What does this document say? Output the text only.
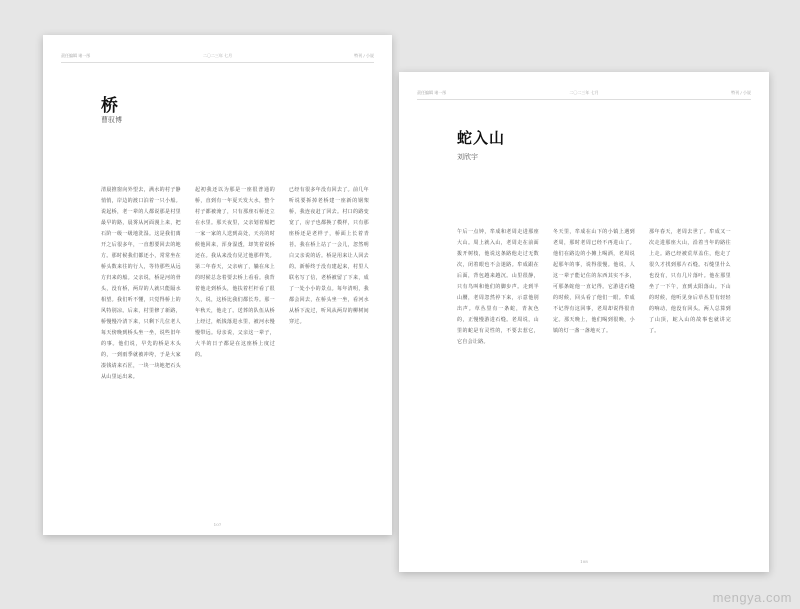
责任编辑 诸一彤	二〇二三年 七月	特刊 / 小说
桥
曹驭博
清晨推窗向外望去，满水的村子静悄悄，岸边的渡口泊着一只小船。说起桥，老一辈的人都说那是村里最早的路，晨雾从河面漫上来，把石阶一级一级地洗湿。这是我们离开之后很多年，一直想要回去的地方。那时候我们都还小，常常坐在桥头数来往的行人，等待那些从远方归来的船。父亲说，桥是河的骨头，没有桥，两岸的人就只能隔水相望。我们听不懂，只觉得桥上的风特别凉。后来，村里修了新路，桥慢慢冷清下来，只剩下几位老人每天傍晚到桥头坐一坐，说些旧年的事。他们说，早先的桥是木头的，一到雨季就被冲垮，于是大家凑钱请来石匠，一块一块地把石头从山里运出来。
起初我还以为那是一座很普通的桥，直到有一年夏天发大水，整个村子都被淹了，只有那座石桥还立在水里。那天夜里，父亲划着船把一家一家的人送到高处，天亮的时候他回来，浑身湿透，却笑着说桥还在。我从来没有见过他那样笑。第二年春天，父亲病了，躺在床上的时候总念着要去桥上看看。我背着他走到桥头，他扶着栏杆看了很久，说，这桥比我们都长寿。那一年秋天，他走了。送葬的队伍从桥上经过，纸钱落进水里，被河水慢慢带远。母亲说，父亲这一辈子，大半的日子都是在这座桥上度过的。
已经有很多年没有回去了。前几年听说要拆掉老桥建一座新的钢架桥，我连夜赶了回去。村口的路变宽了，房子也都换了模样，只有那座桥还是老样子，桥面上长着青苔。我在桥上站了一会儿，忽然明白父亲说的话。桥是用来让人回去的。新桥终于没有建起来，村里人联名写了信，老桥被留了下来，成了一处小小的景点。每年清明，我都会回去，在桥头坐一坐，看河水从桥下流过，听风从两岸的柳树间穿过。
107
责任编辑 诸一彤	二〇二三年 七月	特刊 / 小说
蛇入山
刘欣宇
午后一点钟，牟成和老周走进那座大山。周上就入山，老周走在前面拨开树枝，他说这条路他走过无数次，闭着眼也不会迷路。牟成跟在后面，背包越来越沉。山里很静，只有鸟叫和他们的脚步声。走到半山腰，老周忽然停下来，示意他别出声。草丛里有一条蛇，青灰色的，正慢慢游进石缝。老周说，山里的蛇是有灵性的，不要去惹它，它自会让路。
冬天里，牟成在山下的小镇上遇到老周，那时老周已经不再进山了。他们在路边的小摊上喝酒，老周说起那年的事，说得很慢。他说，人这一辈子能记住的东西其实不多，可那条蛇他一直记得。它游进石缝的时候，回头看了他们一眼。牟成不记得有这回事，老周却说得很肯定。那天晚上，他们喝到很晚，小镇的灯一盏一盏地灭了。
那年春天，老周去世了。牟成又一次走进那座大山，沿着当年的路往上走。路已经被荒草盖住，他走了很久才找到那片石缝。石缝里什么也没有，只有几片落叶。他在那里坐了一下午，直到太阳落山。下山的时候，他听见身后草丛里有轻轻的响动，他没有回头。两人总算到了山顶，蛇入山的故事也就讲完了。
108
mengya.com
